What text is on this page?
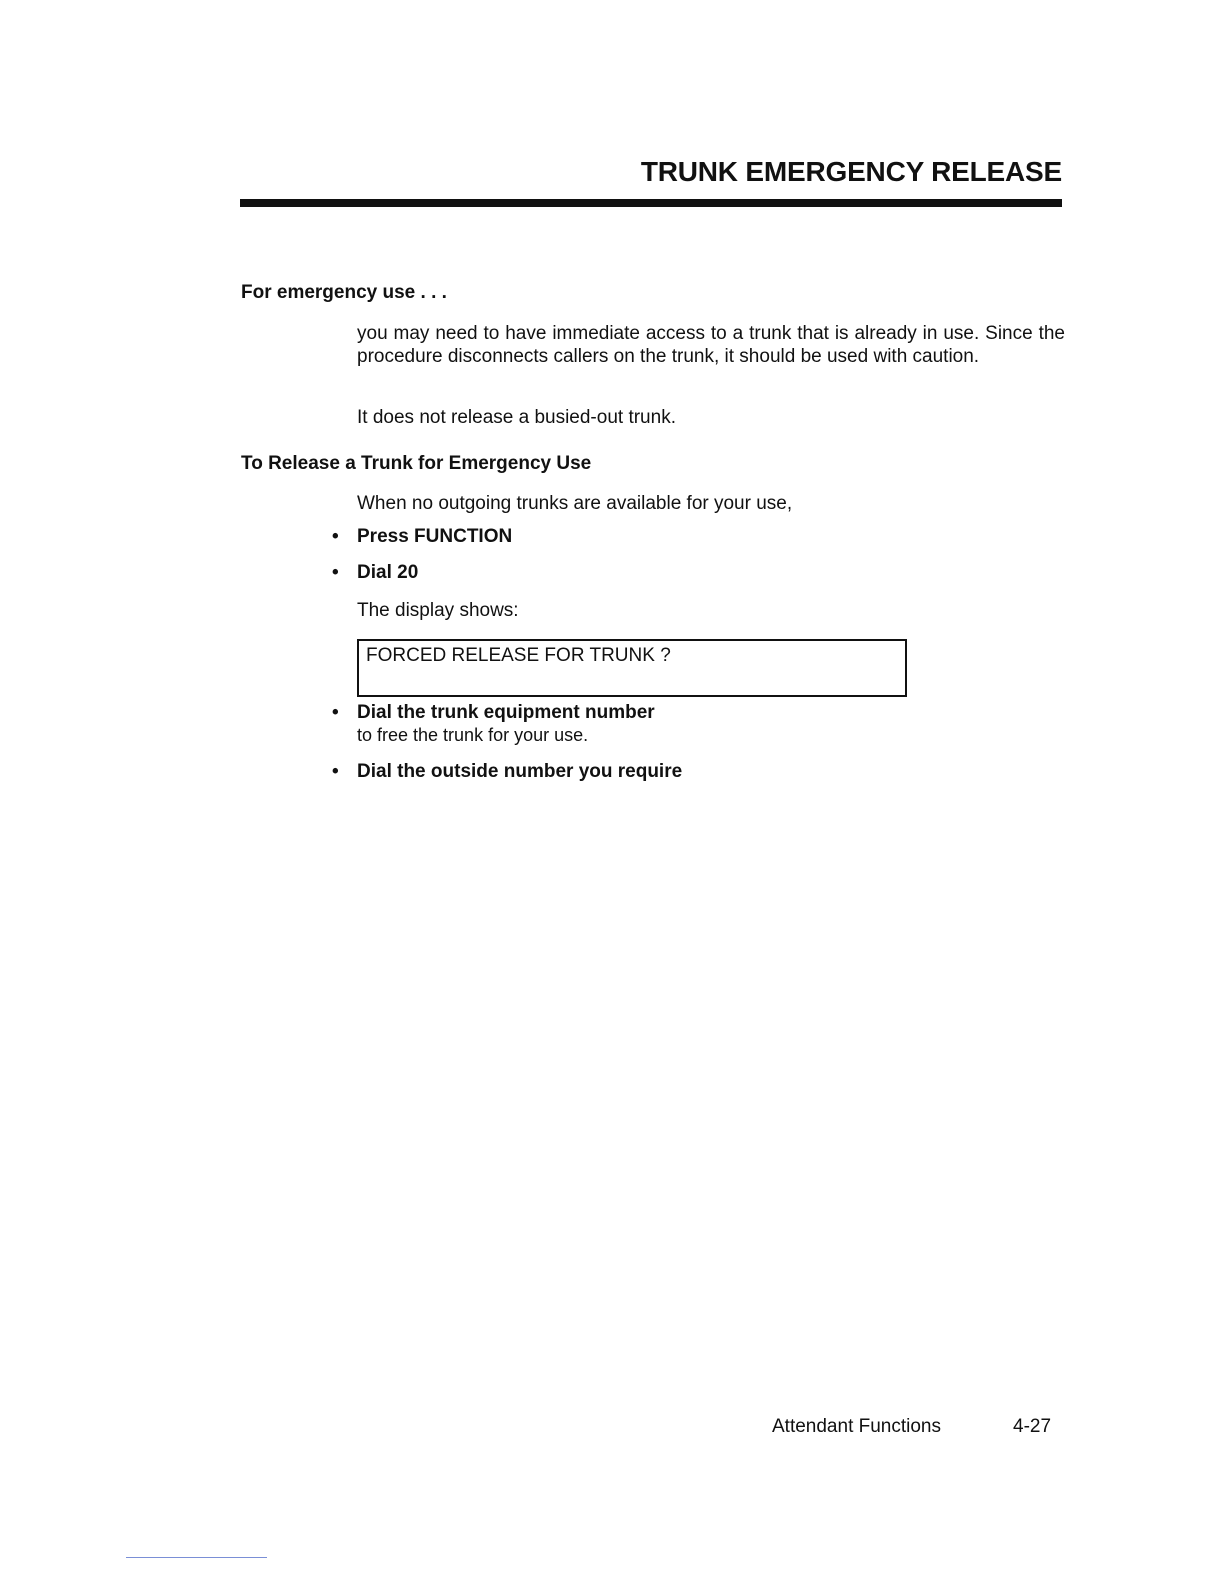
TRUNK EMERGENCY RELEASE
For emergency use . . .
you may need to have immediate access to a trunk that is already in use. Since the procedure disconnects callers on the trunk, it should be used with caution.
It does not release a busied-out trunk.
To Release a Trunk for Emergency Use
When no outgoing trunks are available for your use,
• Press FUNCTION
• Dial 20
The display shows:
FORCED RELEASE FOR TRUNK ?
• Dial the trunk equipment number
to free the trunk for your use.
• Dial the outside number you require
Attendant Functions	4-27
